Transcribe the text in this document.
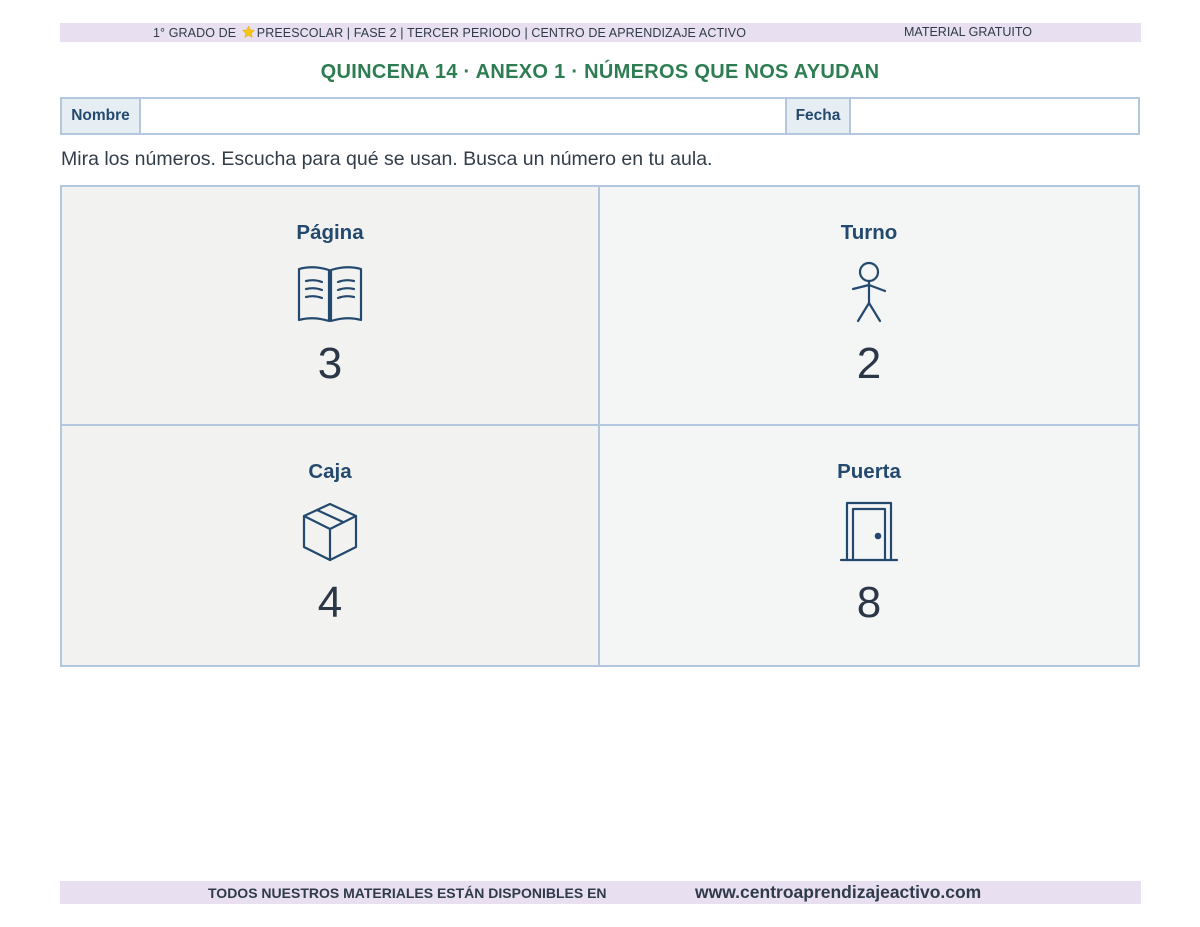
1° GRADO DE PREESCOLAR | FASE 2 | TERCER PERIODO | CENTRO DE APRENDIZAJE ACTIVO	MATERIAL GRATUITO
QUINCENA 14 · ANEXO 1 · NÚMEROS QUE NOS AYUDAN
Nombre	Fecha
Mira los números. Escucha para qué se usan. Busca un número en tu aula.
Página
3
Turno
2
Caja
4
Puerta
8
TODOS NUESTROS MATERIALES ESTÁN DISPONIBLES EN	www.centroaprendizajeactivo.com
